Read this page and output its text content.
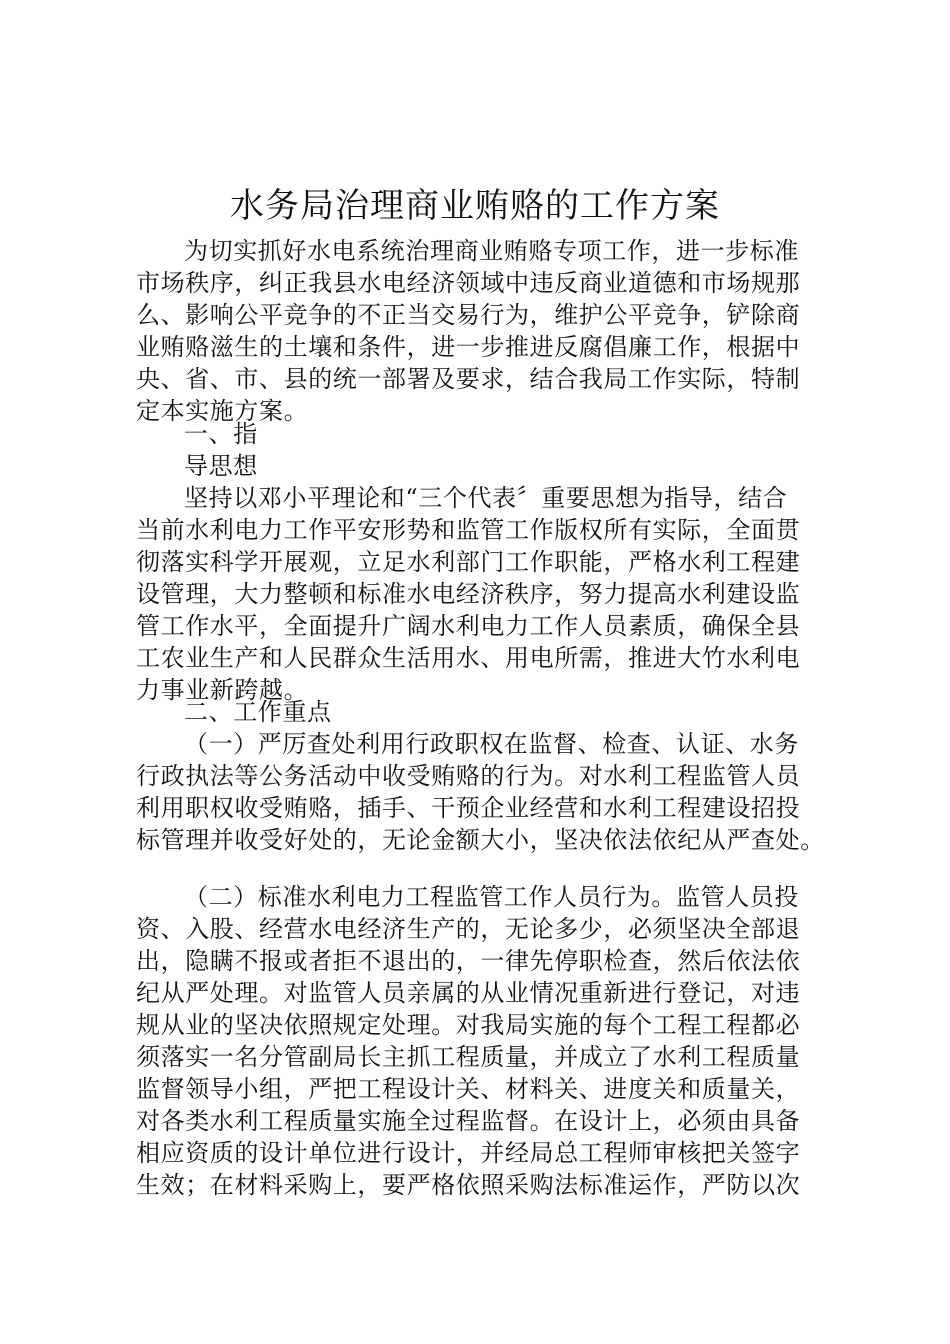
水务局治理商业贿赂的工作方案
为切实抓好水电系统治理商业贿赂专项工作，进一步标准
市场秩序，纠正我县水电经济领域中违反商业道德和市场规那
么、影响公平竞争的不正当交易行为，维护公平竞争，铲除商
业贿赂滋生的土壤和条件，进一步推进反腐倡廉工作，根据中
央、省、市、县的统一部署及要求，结合我局工作实际，特制
定本实施方案。
一、指
导思想
坚持以邓小平理论和“三个代表〞重要思想为指导，结合
当前水利电力工作平安形势和监管工作版权所有实际，全面贯
彻落实科学开展观，立足水利部门工作职能，严格水利工程建
设管理，大力整顿和标准水电经济秩序，努力提高水利建设监
管工作水平，全面提升广阔水利电力工作人员素质，确保全县
工农业生产和人民群众生活用水、用电所需，推进大竹水利电
力事业新跨越。
二、工作重点
（一）严厉查处利用行政职权在监督、检查、认证、水务
行政执法等公务活动中收受贿赂的行为。对水利工程监管人员
利用职权收受贿赂，插手、干预企业经营和水利工程建设招投
标管理并收受好处的，无论金额大小，坚决依法依纪从严查处。
（二）标准水利电力工程监管工作人员行为。监管人员投
资、入股、经营水电经济生产的，无论多少，必须坚决全部退
出，隐瞒不报或者拒不退出的，一律先停职检查，然后依法依
纪从严处理。对监管人员亲属的从业情况重新进行登记，对违
规从业的坚决依照规定处理。对我局实施的每个工程工程都必
须落实一名分管副局长主抓工程质量，并成立了水利工程质量
监督领导小组，严把工程设计关、材料关、进度关和质量关，
对各类水利工程质量实施全过程监督。在设计上，必须由具备
相应资质的设计单位进行设计，并经局总工程师审核把关签字
生效；在材料采购上，要严格依照采购法标准运作，严防以次
